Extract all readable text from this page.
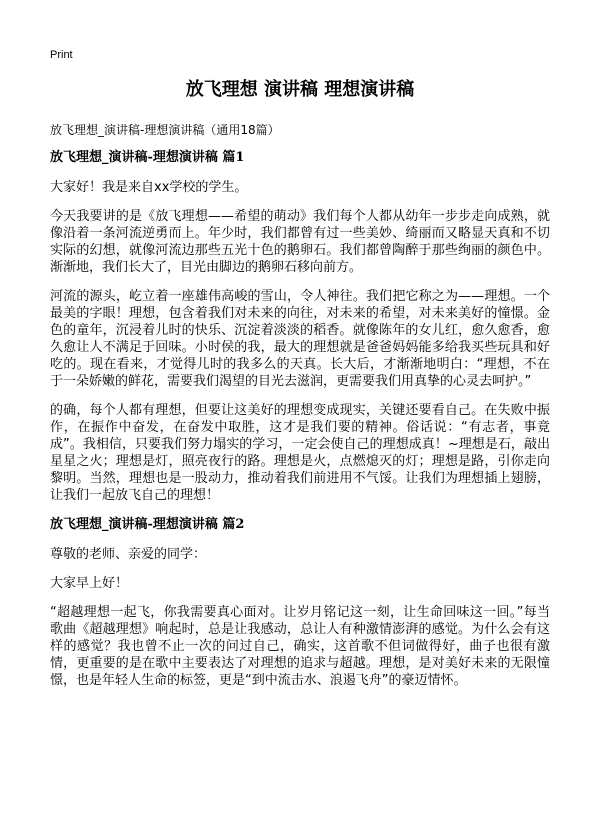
Print
放飞理想 演讲稿 理想演讲稿
放飞理想_演讲稿-理想演讲稿（通用18篇）
放飞理想_演讲稿-理想演讲稿 篇1

大家好！我是来自xx学校的学生。

今天我要讲的是《放飞理想——希望的萌动》我们每个人都从幼年一步步走向成熟，就像沿着一条河流逆勇而上。年少时，我们都曾有过一些美妙、绮丽而又略显天真和不切实际的幻想，就像河流边那些五光十色的鹅卵石。我们都曾陶醉于那些绚丽的颜色中。渐渐地，我们长大了，目光由脚边的鹅卵石移向前方。

河流的源头，屹立着一座雄伟高峻的雪山，令人神往。我们把它称之为——理想。一个最美的字眼！理想，包含着我们对未来的向往，对未来的希望，对未来美好的憧憬。金色的童年，沉浸着儿时的快乐、沉淀着淡淡的稻香。就像陈年的女儿红，愈久愈香，愈久愈让人不满足于回味。小时侯的我，最大的理想就是爸爸妈妈能多给我买些玩具和好吃的。现在看来，才觉得儿时的我多么的天真。长大后，才渐渐地明白：“理想，不在于一朵娇嫩的鲜花，需要我们渴望的目光去滋润，更需要我们用真挚的心灵去呵护。”

的确，每个人都有理想，但要让这美好的理想变成现实，关键还要看自己。在失败中振作，在振作中奋发，在奋发中取胜，这才是我们要的精神。俗话说：“有志者，事竟成”。我相信，只要我们努力塌实的学习，一定会使自己的理想成真！~理想是石，敲出星星之火；理想是灯，照亮夜行的路。理想是火，点燃熄灭的灯；理想是路，引你走向黎明。当然，理想也是一股动力，推动着我们前进用不气馁。让我们为理想插上翅膀，让我们一起放飞自己的理想！

放飞理想_演讲稿-理想演讲稿 篇2

尊敬的老师、亲爱的同学：

大家早上好！

“超越理想一起飞，你我需要真心面对。让岁月铭记这一刻，让生命回味这一回。”每当歌曲《超越理想》响起时，总是让我感动，总让人有种激情澎湃的感觉。为什么会有这样的感觉？我也曾不止一次的问过自己，确实，这首歌不但词做得好，曲子也很有激情，更重要的是在歌中主要表达了对理想的追求与超越。理想，是对美好未来的无限憧憬，也是年轻人生命的标签，更是“到中流击水、浪遏飞舟”的豪迈情怀。
